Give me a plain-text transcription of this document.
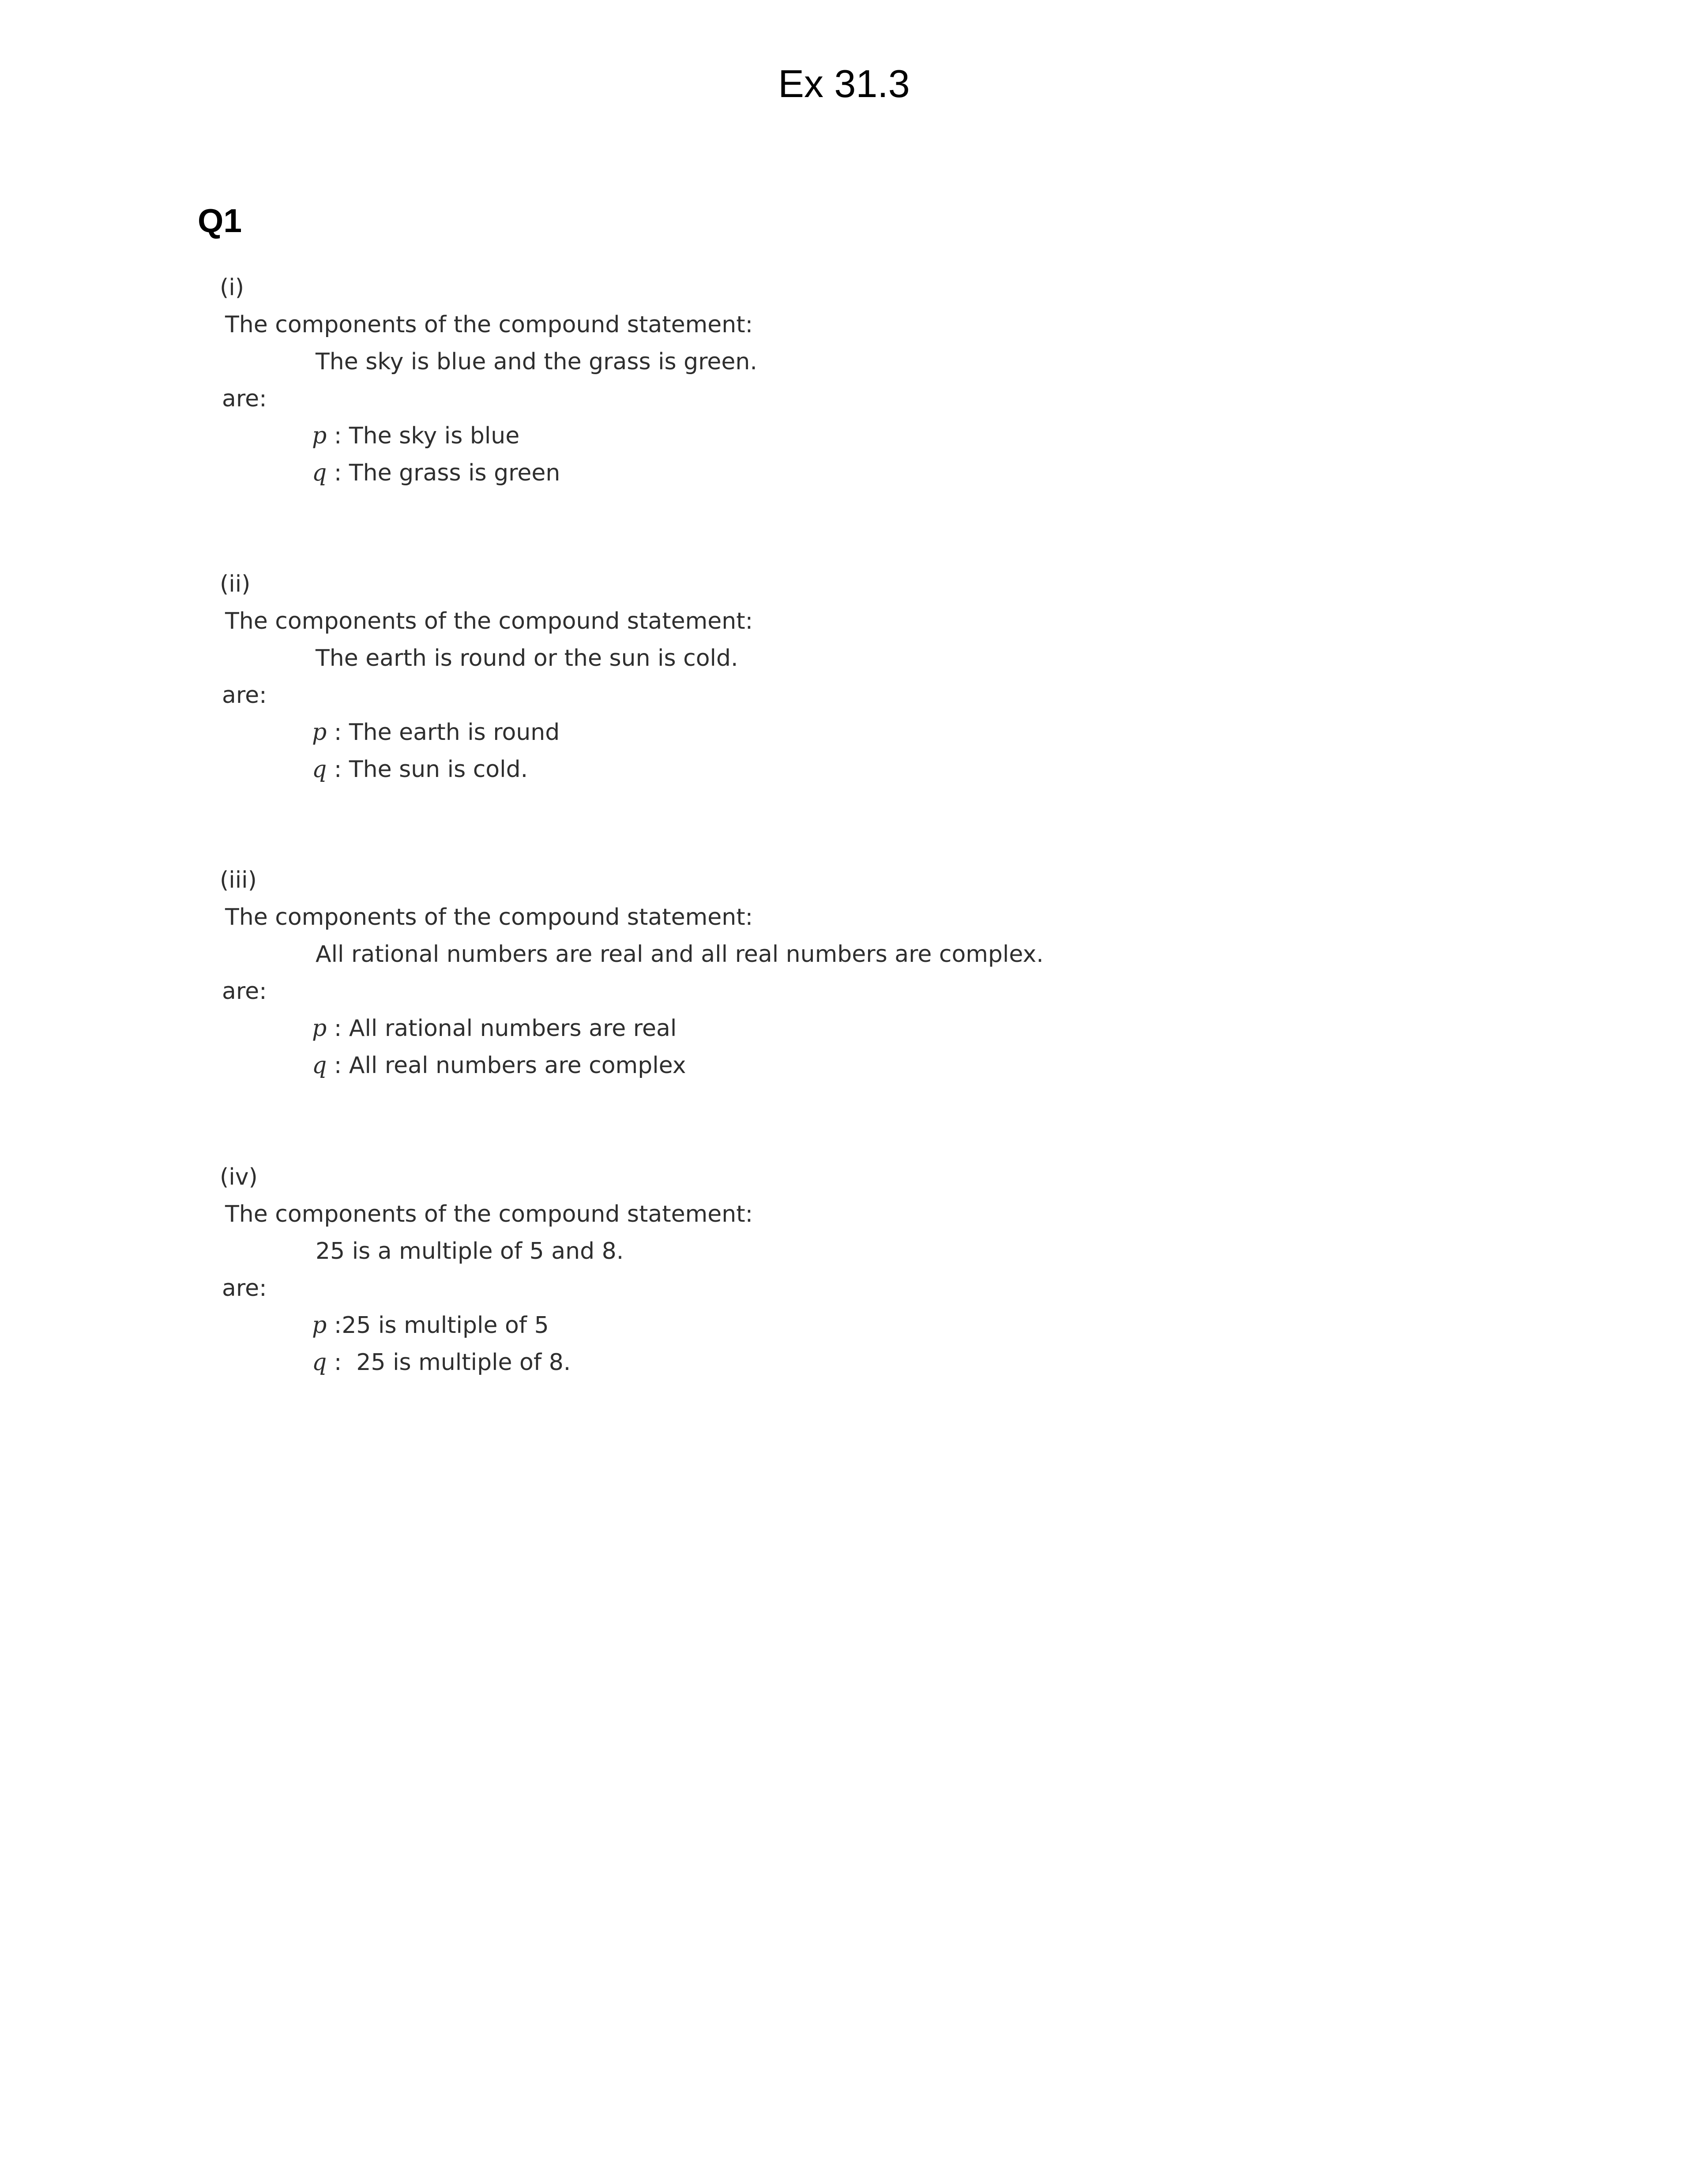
Ex 31.3
Q1
(i)
The components of the compound statement:
The sky is blue and the grass is green.
are:
p : The sky is blue
q : The grass is green
(ii)
The components of the compound statement:
The earth is round or the sun is cold.
are:
p : The earth is round
q : The sun is cold.
(iii)
The components of the compound statement:
All rational numbers are real and all real numbers are complex.
are:
p : All rational numbers are real
q : All real numbers are complex
(iv)
The components of the compound statement:
25 is a multiple of 5 and 8.
are:
p :25 is multiple of 5
q :  25 is multiple of 8.
